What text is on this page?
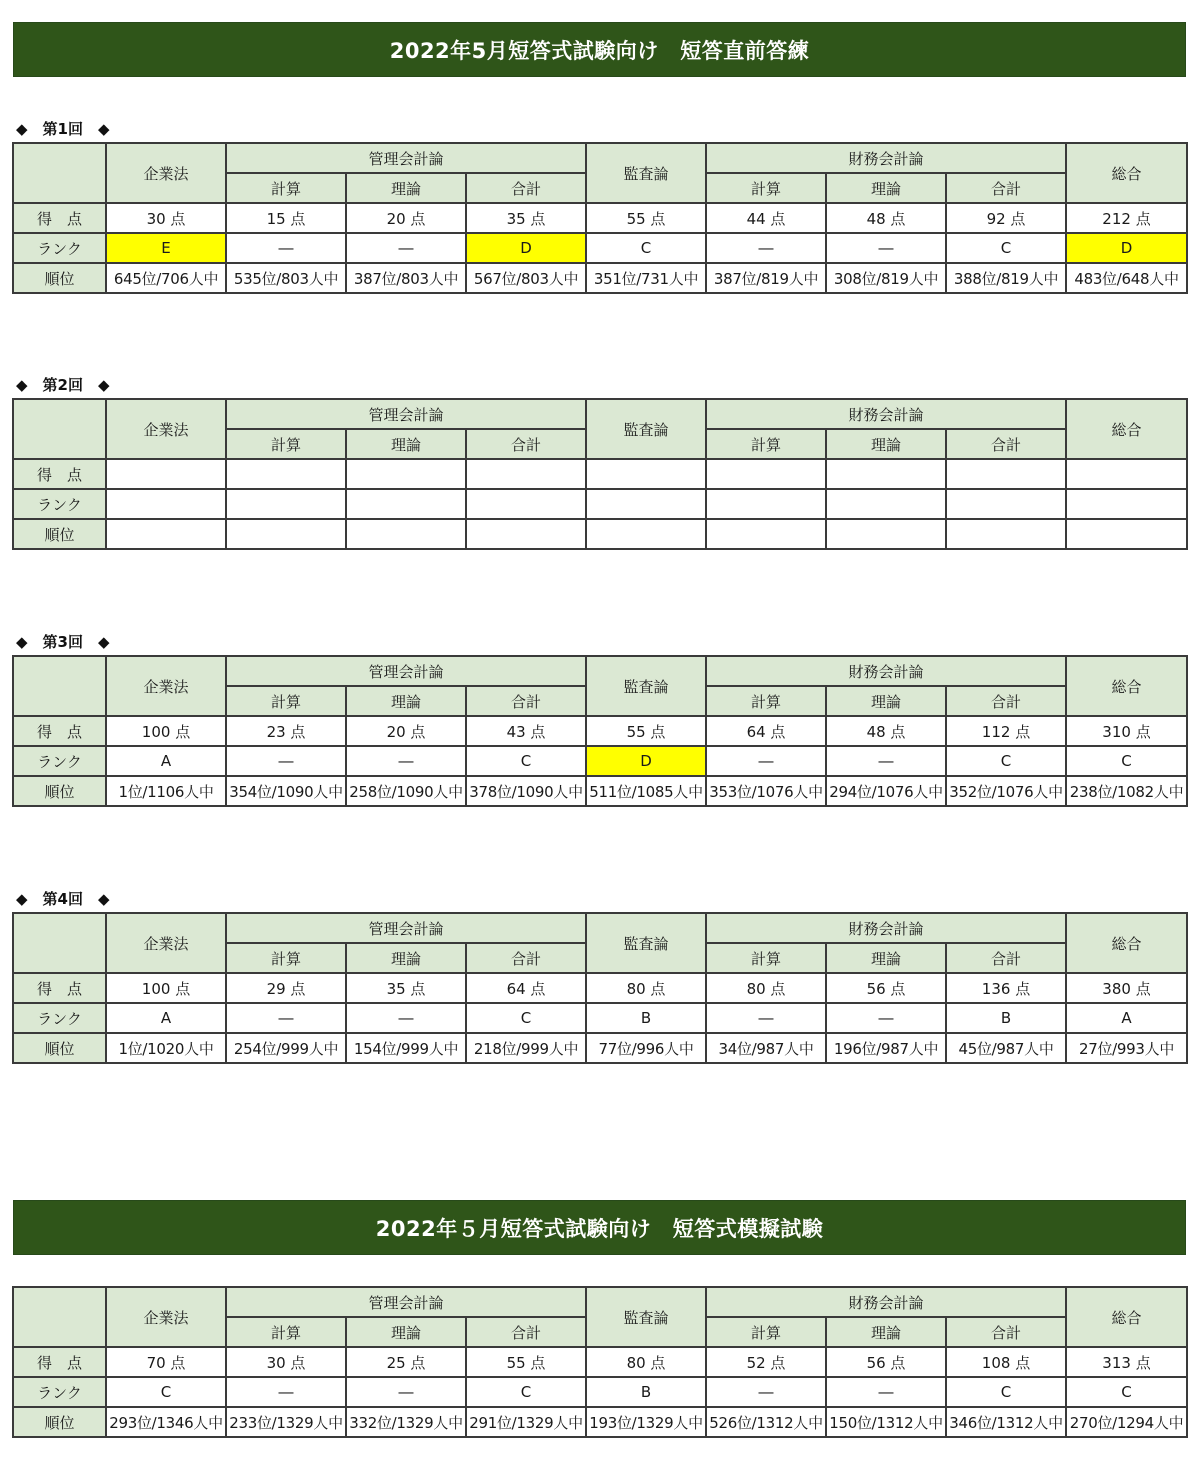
2022年5月短答式試験向け　短答直前答練
2022年５月短答式試験向け　短答式模擬試験
◆　第1回　◆
	企業法	管理会計論			監査論	財務会計論			総合
		計算	理論	合計		計算	理論	合計	
得　点	30 点	15 点	20 点	35 点	55 点	44 点	48 点	92 点	212 点
ランク	E	―	―	D	C	―	―	C	D
順位	645位/706人中	535位/803人中	387位/803人中	567位/803人中	351位/731人中	387位/819人中	308位/819人中	388位/819人中	483位/648人中
◆　第2回　◆
	企業法	管理会計論			監査論	財務会計論			総合
		計算	理論	合計		計算	理論	合計	
得　点									
ランク									
順位									
◆　第3回　◆
	企業法	管理会計論			監査論	財務会計論			総合
		計算	理論	合計		計算	理論	合計	
得　点	100 点	23 点	20 点	43 点	55 点	64 点	48 点	112 点	310 点
ランク	A	―	―	C	D	―	―	C	C
順位	1位/1106人中	354位/1090人中	258位/1090人中	378位/1090人中	511位/1085人中	353位/1076人中	294位/1076人中	352位/1076人中	238位/1082人中
◆　第4回　◆
	企業法	管理会計論			監査論	財務会計論			総合
		計算	理論	合計		計算	理論	合計	
得　点	100 点	29 点	35 点	64 点	80 点	80 点	56 点	136 点	380 点
ランク	A	―	―	C	B	―	―	B	A
順位	1位/1020人中	254位/999人中	154位/999人中	218位/999人中	77位/996人中	34位/987人中	196位/987人中	45位/987人中	27位/993人中
	企業法	管理会計論			監査論	財務会計論			総合
		計算	理論	合計		計算	理論	合計	
得　点	70 点	30 点	25 点	55 点	80 点	52 点	56 点	108 点	313 点
ランク	C	―	―	C	B	―	―	C	C
順位	293位/1346人中	233位/1329人中	332位/1329人中	291位/1329人中	193位/1329人中	526位/1312人中	150位/1312人中	346位/1312人中	270位/1294人中
